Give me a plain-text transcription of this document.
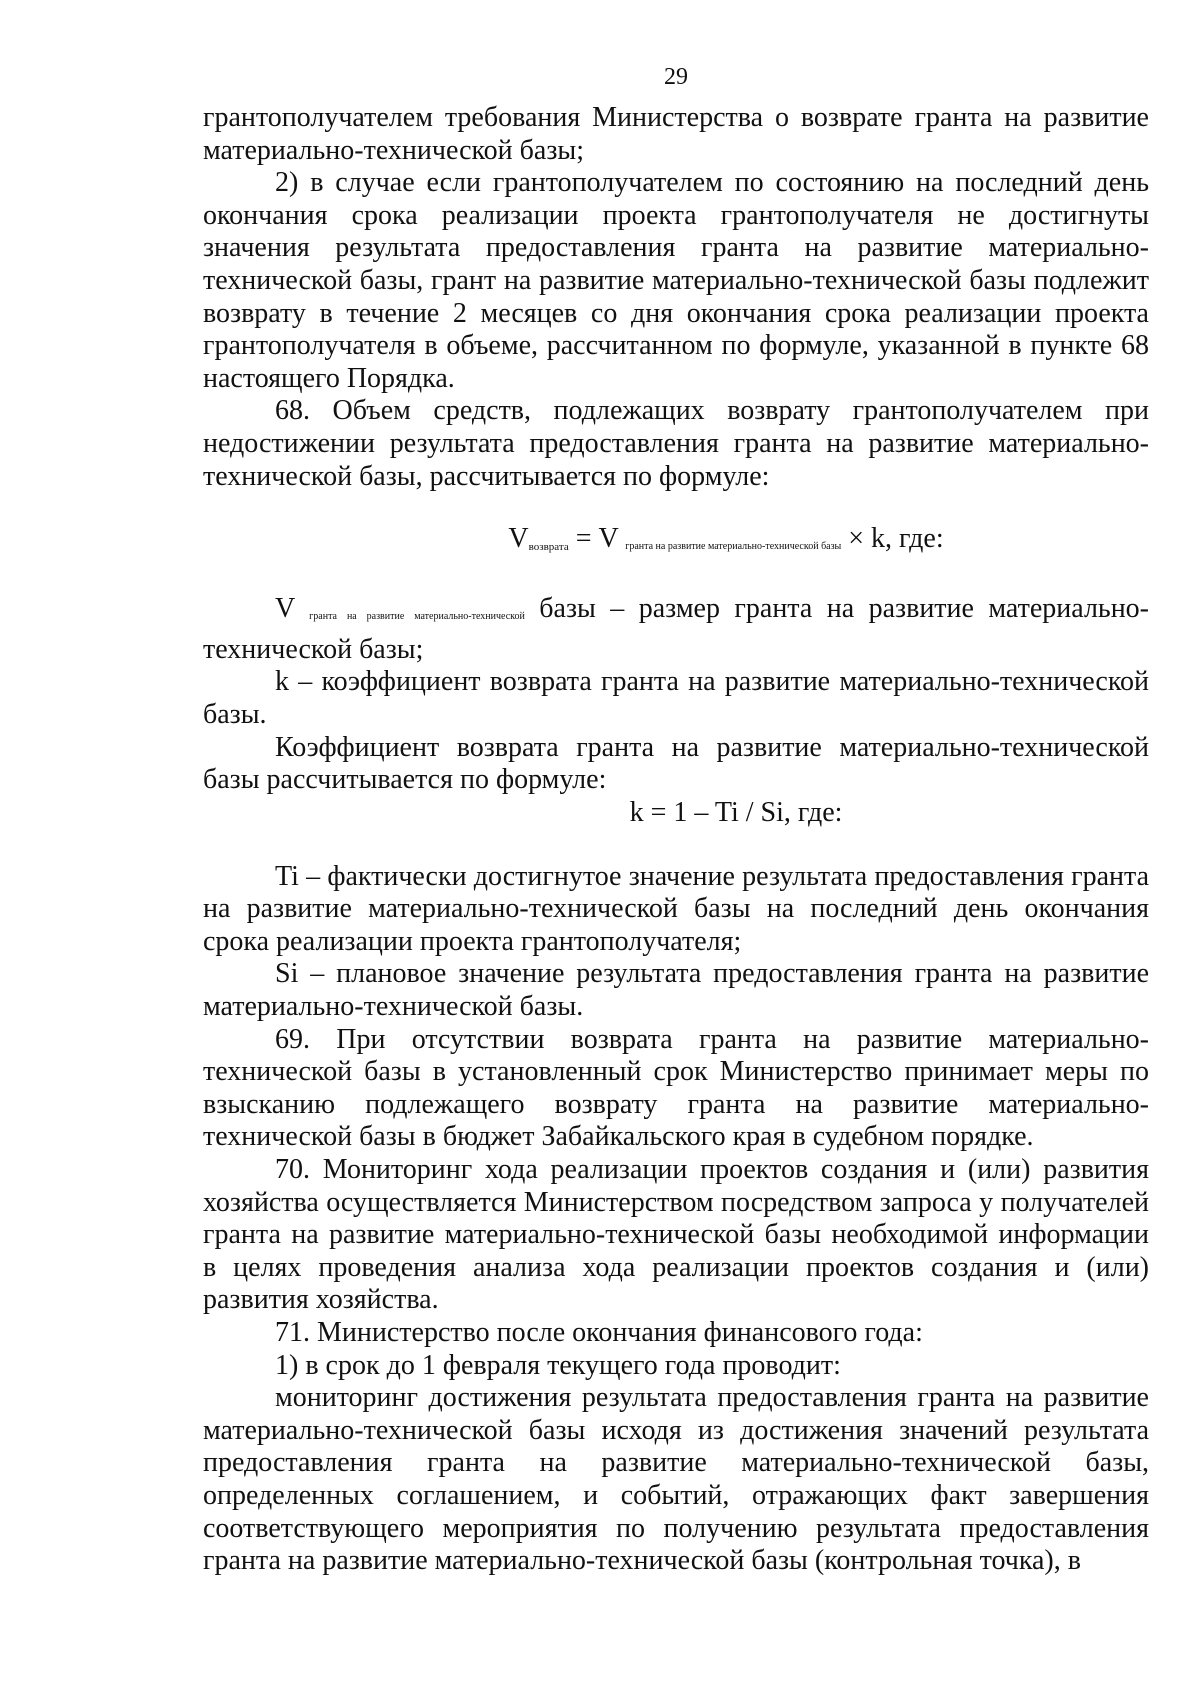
29

грантополучателем требования Министерства о возврате гранта на развитие материально-технической базы;

2) в случае если грантополучателем по состоянию на последний день окончания срока реализации проекта грантополучателя не достигнуты значения результата предоставления гранта на развитие материально-технической базы, грант на развитие материально-технической базы подлежит возврату в течение 2 месяцев со дня окончания срока реализации проекта грантополучателя в объеме, рассчитанном по формуле, указанной в пункте 68 настоящего Порядка.

68. Объем средств, подлежащих возврату грантополучателем при недостижении результата предоставления гранта на развитие материально-технической базы, рассчитывается по формуле:

Vвозврата = V гранта на развитие материально-технической базы × k, где:

V гранта на развитие материально-технической базы – размер гранта на развитие материально-технической базы;

k – коэффициент возврата гранта на развитие материально-технической базы.

Коэффициент возврата гранта на развитие материально-технической базы рассчитывается по формуле:

k = 1 – Ti / Si, где:

Ti – фактически достигнутое значение результата предоставления гранта на развитие материально-технической базы на последний день окончания срока реализации проекта грантополучателя;

Si – плановое значение результата предоставления гранта на развитие материально-технической базы.

69. При отсутствии возврата гранта на развитие материально-технической базы в установленный срок Министерство принимает меры по взысканию подлежащего возврату гранта на развитие материально-технической базы в бюджет Забайкальского края в судебном порядке.

70. Мониторинг хода реализации проектов создания и (или) развития хозяйства осуществляется Министерством посредством запроса у получателей гранта на развитие материально-технической базы необходимой информации в целях проведения анализа хода реализации проектов создания и (или) развития хозяйства.

71. Министерство после окончания финансового года:

1) в срок до 1 февраля текущего года проводит:

мониторинг достижения результата предоставления гранта на развитие материально-технической базы исходя из достижения значений результата предоставления гранта на развитие материально-технической базы, определенных соглашением, и событий, отражающих факт завершения соответствующего мероприятия по получению результата предоставления гранта на развитие материально-технической базы (контрольная точка), в
